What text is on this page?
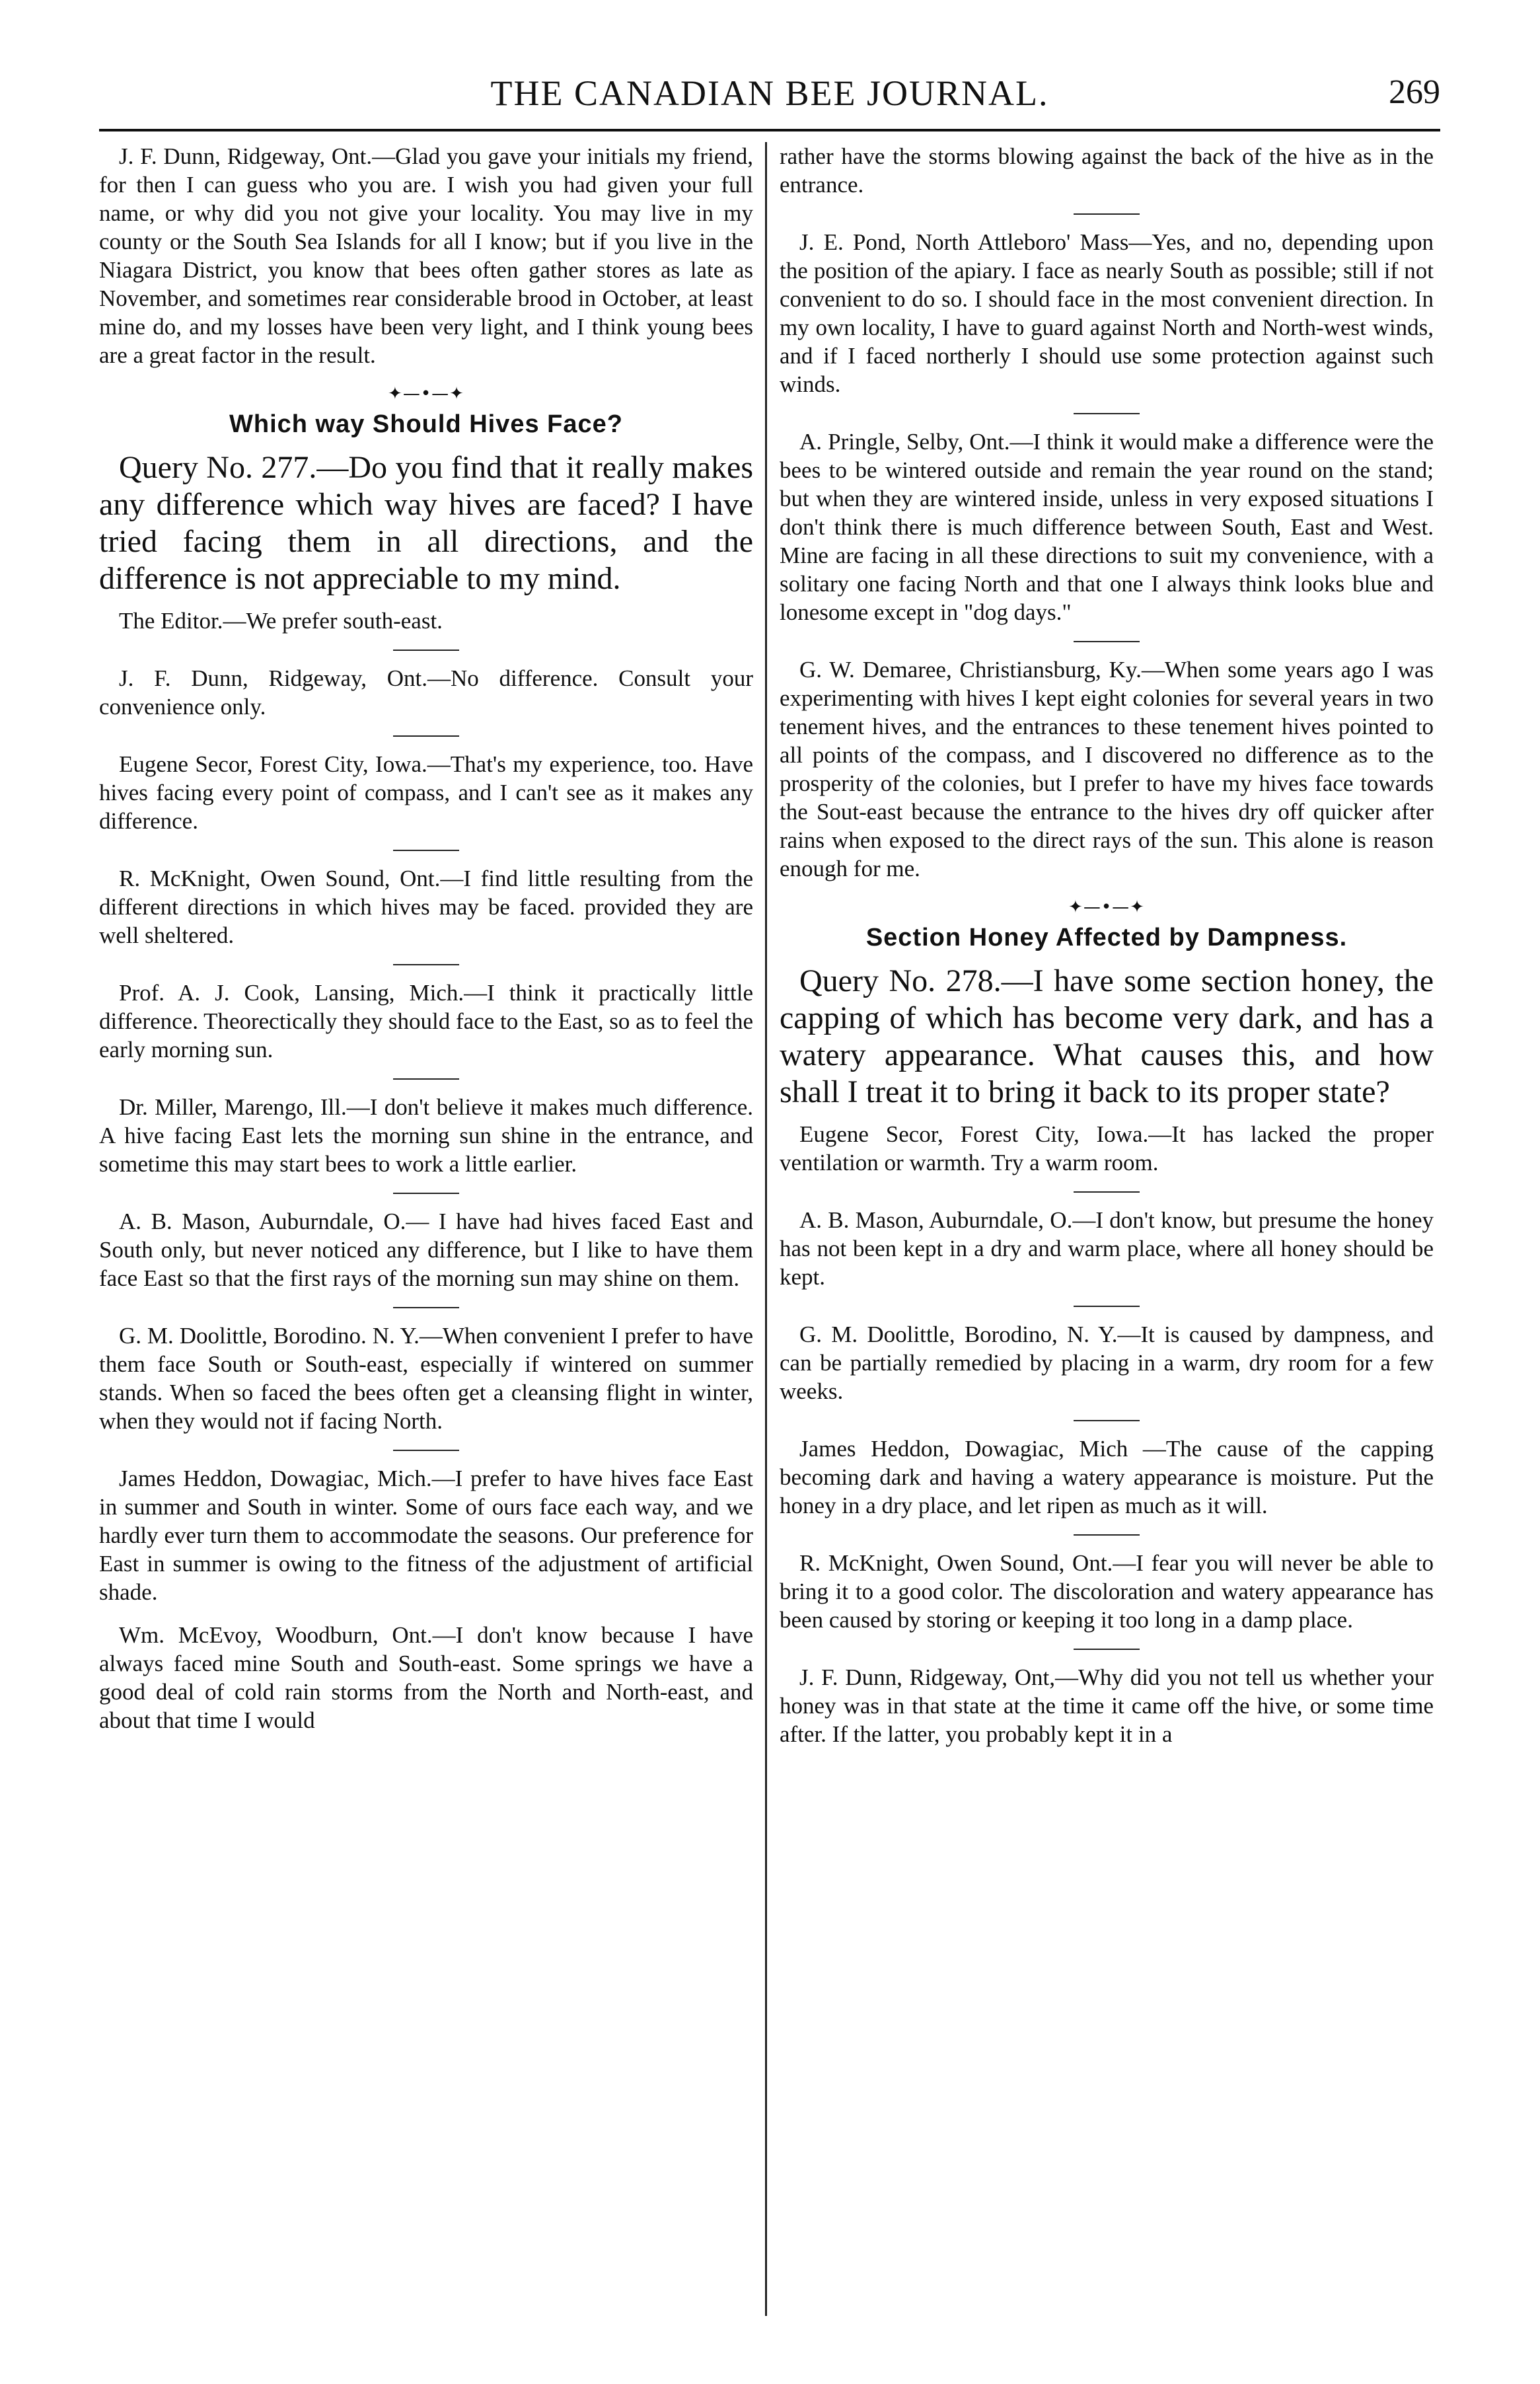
THE CANADIAN BEE JOURNAL.	269

J. F. Dunn, Ridgeway, Ont.—Glad you gave your initials my friend, for then I can guess who you are. I wish you had given your full name, or why did you not give your locality. You may live in my county or the South Sea Islands for all I know; but if you live in the Niagara District, you know that bees often gather stores as late as November, and sometimes rear considerable brood in October, at least mine do, and my losses have been very light, and I think young bees are a great factor in the result.

✦—•—✦
Which way Should Hives Face?

Query No. 277.—Do you find that it really makes any difference which way hives are faced? I have tried facing them in all directions, and the difference is not appreciable to my mind.

The Editor.—We prefer south-east.

J. F. Dunn, Ridgeway, Ont.—No difference. Consult your convenience only.

Eugene Secor, Forest City, Iowa.—That's my experience, too. Have hives facing every point of compass, and I can't see as it makes any difference.

R. McKnight, Owen Sound, Ont.—I find little resulting from the different directions in which hives may be faced. provided they are well sheltered.

Prof. A. J. Cook, Lansing, Mich.—I think it practically little difference. Theorectically they should face to the East, so as to feel the early morning sun.

Dr. Miller, Marengo, Ill.—I don't believe it makes much difference. A hive facing East lets the morning sun shine in the entrance, and sometime this may start bees to work a little earlier.

A. B. Mason, Auburndale, O.— I have had hives faced East and South only, but never noticed any difference, but I like to have them face East so that the first rays of the morning sun may shine on them.

G. M. Doolittle, Borodino. N. Y.—When convenient I prefer to have them face South or South-east, especially if wintered on summer stands. When so faced the bees often get a cleansing flight in winter, when they would not if facing North.

James Heddon, Dowagiac, Mich.—I prefer to have hives face East in summer and South in winter. Some of ours face each way, and we hardly ever turn them to accommodate the seasons. Our preference for East in summer is owing to the fitness of the adjustment of artificial shade.

Wm. McEvoy, Woodburn, Ont.—I don't know because I have always faced mine South and South-east. Some springs we have a good deal of cold rain storms from the North and North-east, and about that time I would

rather have the storms blowing against the back of the hive as in the entrance.

J. E. Pond, North Attleboro' Mass—Yes, and no, depending upon the position of the apiary. I face as nearly South as possible; still if not convenient to do so. I should face in the most convenient direction. In my own locality, I have to guard against North and North-west winds, and if I faced northerly I should use some protection against such winds.

A. Pringle, Selby, Ont.—I think it would make a difference were the bees to be wintered outside and remain the year round on the stand; but when they are wintered inside, unless in very exposed situations I don't think there is much difference between South, East and West. Mine are facing in all these directions to suit my convenience, with a solitary one facing North and that one I always think looks blue and lonesome except in "dog days."

G. W. Demaree, Christiansburg, Ky.—When some years ago I was experimenting with hives I kept eight colonies for several years in two tenement hives, and the entrances to these tenement hives pointed to all points of the compass, and I discovered no difference as to the prosperity of the colonies, but I prefer to have my hives face towards the Sout-east because the entrance to the hives dry off quicker after rains when exposed to the direct rays of the sun. This alone is reason enough for me.

✦—•—✦
Section Honey Affected by Dampness.

Query No. 278.—I have some section honey, the capping of which has become very dark, and has a watery appearance. What causes this, and how shall I treat it to bring it back to its proper state?

Eugene Secor, Forest City, Iowa.—It has lacked the proper ventilation or warmth. Try a warm room.

A. B. Mason, Auburndale, O.—I don't know, but presume the honey has not been kept in a dry and warm place, where all honey should be kept.

G. M. Doolittle, Borodino, N. Y.—It is caused by dampness, and can be partially remedied by placing in a warm, dry room for a few weeks.

James Heddon, Dowagiac, Mich —The cause of the capping becoming dark and having a watery appearance is moisture. Put the honey in a dry place, and let ripen as much as it will.

R. McKnight, Owen Sound, Ont.—I fear you will never be able to bring it to a good color. The discoloration and watery appearance has been caused by storing or keeping it too long in a damp place.

J. F. Dunn, Ridgeway, Ont,—Why did you not tell us whether your honey was in that state at the time it came off the hive, or some time after. If the latter, you probably kept it in a
